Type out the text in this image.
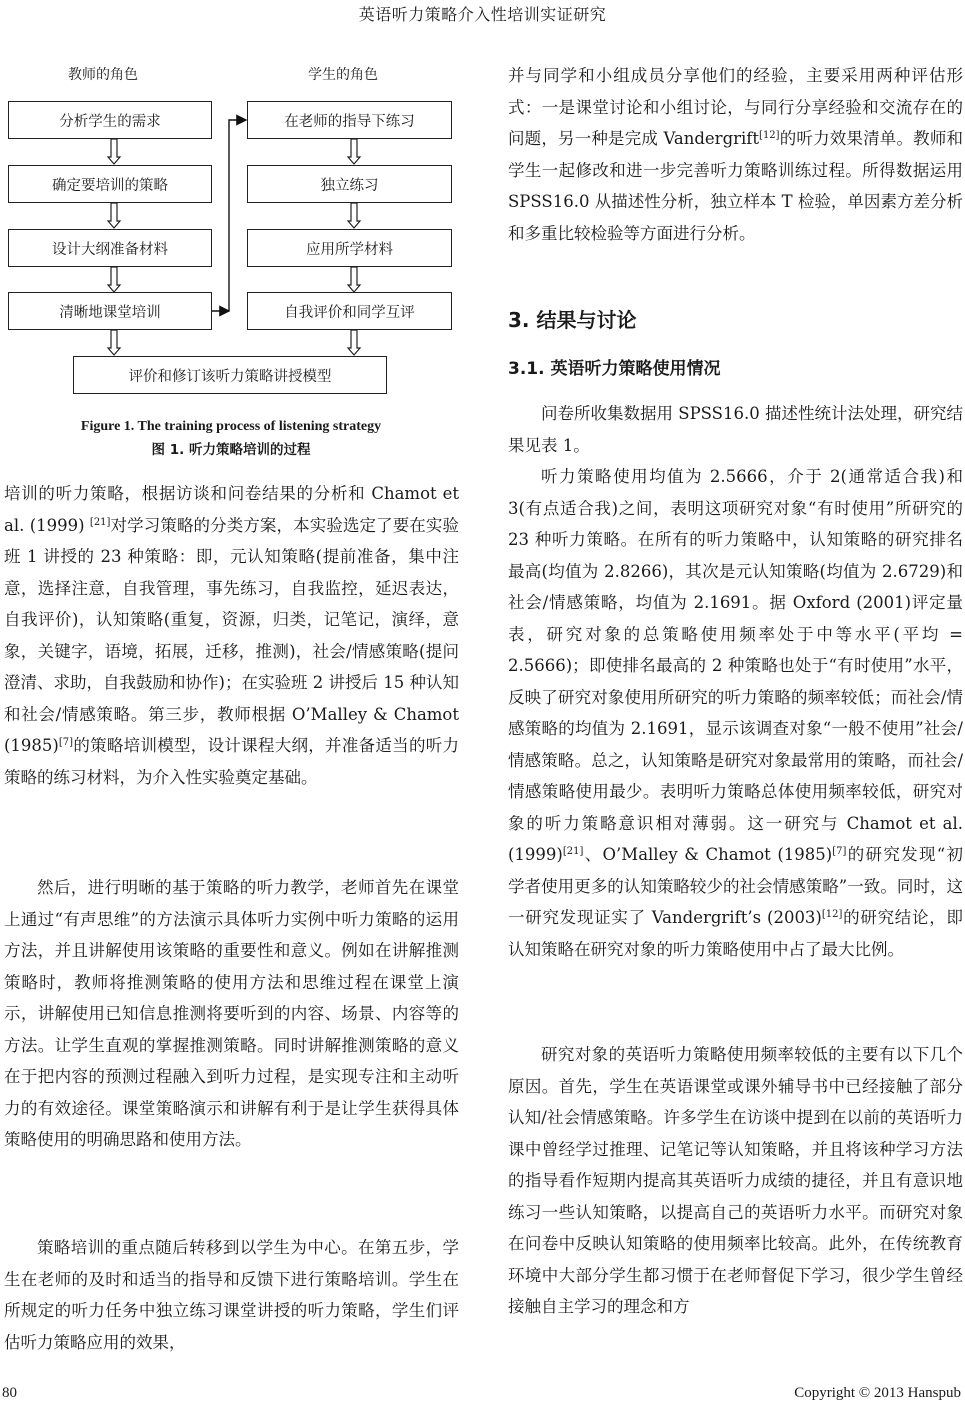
英语听力策略介入性培训实证研究
教师的角色	学生的角色
分析学生的需求
确定要培训的策略
设计大纲准备材料
清晰地课堂培训
在老师的指导下练习
独立练习
应用所学材料
自我评价和同学互评
评价和修订该听力策略讲授模型
Figure 1. The training process of listening strategy
图 1. 听力策略培训的过程

培训的听力策略，根据访谈和问卷结果的分析和 Chamot et al. (1999) [21]对学习策略的分类方案，本实验选定了要在实验班 1 讲授的 23 种策略：即，元认知策略(提前准备，集中注意，选择注意，自我管理，事先练习，自我监控，延迟表达，自我评价)，认知策略(重复，资源，归类，记笔记，演绎，意象，关键字，语境，拓展，迁移，推测)，社会/情感策略(提问澄清、求助，自我鼓励和协作)；在实验班 2 讲授后 15 种认知和社会/情感策略。第三步，教师根据 O’Malley & Chamot (1985)[7]的策略培训模型，设计课程大纲，并准备适当的听力策略的练习材料，为介入性实验奠定基础。

然后，进行明晰的基于策略的听力教学，老师首先在课堂上通过“有声思维”的方法演示具体听力实例中听力策略的运用方法，并且讲解使用该策略的重要性和意义。例如在讲解推测策略时，教师将推测策略的使用方法和思维过程在课堂上演示，讲解使用已知信息推测将要听到的内容、场景、内容等的方法。让学生直观的掌握推测策略。同时讲解推测策略的意义在于把内容的预测过程融入到听力过程，是实现专注和主动听力的有效途径。课堂策略演示和讲解有利于是让学生获得具体策略使用的明确思路和使用方法。

策略培训的重点随后转移到以学生为中心。在第五步，学生在老师的及时和适当的指导和反馈下进行策略培训。学生在所规定的听力任务中独立练习课堂讲授的听力策略，学生们评估听力策略应用的效果，

并与同学和小组成员分享他们的经验，主要采用两种评估形式：一是课堂讨论和小组讨论，与同行分享经验和交流存在的问题，另一种是完成 Vandergrift[12]的听力效果清单。教师和学生一起修改和进一步完善听力策略训练过程。所得数据运用 SPSS16.0 从描述性分析，独立样本 T 检验，单因素方差分析和多重比较检验等方面进行分析。

3. 结果与讨论
3.1. 英语听力策略使用情况

问卷所收集数据用 SPSS16.0 描述性统计法处理，研究结果见表 1。

听力策略使用均值为 2.5666，介于 2(通常适合我)和 3(有点适合我)之间，表明这项研究对象“有时使用”所研究的 23 种听力策略。在所有的听力策略中，认知策略的研究排名最高(均值为 2.8266)，其次是元认知策略(均值为 2.6729)和社会/情感策略，均值为 2.1691。据 Oxford (2001)评定量表，研究对象的总策略使用频率处于中等水平(平均 = 2.5666)；即使排名最高的 2 种策略也处于“有时使用”水平，反映了研究对象使用所研究的听力策略的频率较低；而社会/情感策略的均值为 2.1691，显示该调查对象“一般不使用”社会/情感策略。总之，认知策略是研究对象最常用的策略，而社会/情感策略使用最少。表明听力策略总体使用频率较低，研究对象的听力策略意识相对薄弱。这一研究与 Chamot et al. (1999)[21]、O’Malley & Chamot (1985)[7]的研究发现“初学者使用更多的认知策略较少的社会情感策略”一致。同时，这一研究发现证实了 Vandergrift’s (2003)[12]的研究结论，即认知策略在研究对象的听力策略使用中占了最大比例。

研究对象的英语听力策略使用频率较低的主要有以下几个原因。首先，学生在英语课堂或课外辅导书中已经接触了部分认知/社会情感策略。许多学生在访谈中提到在以前的英语听力课中曾经学过推理、记笔记等认知策略，并且将该种学习方法的指导看作短期内提高其英语听力成绩的捷径，并且有意识地练习一些认知策略，以提高自己的英语听力水平。而研究对象在问卷中反映认知策略的使用频率比较高。此外，在传统教育环境中大部分学生都习惯于在老师督促下学习，很少学生曾经接触自主学习的理念和方

80	Copyright © 2013 Hanspub
